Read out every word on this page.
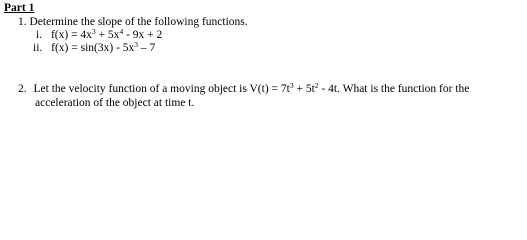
Part 1
1. Determine the slope of the following functions.
i. $f(x) = 4x^3 + 5x^4 - 9x + 2$
ii. $f(x) = \sin(3x) - 5x^3 - 7$
2. Let the velocity function of a moving object is $V(t) = 7t^3 + 5t^2 - 4t$. What is the function for the
acceleration of the object at time t.
